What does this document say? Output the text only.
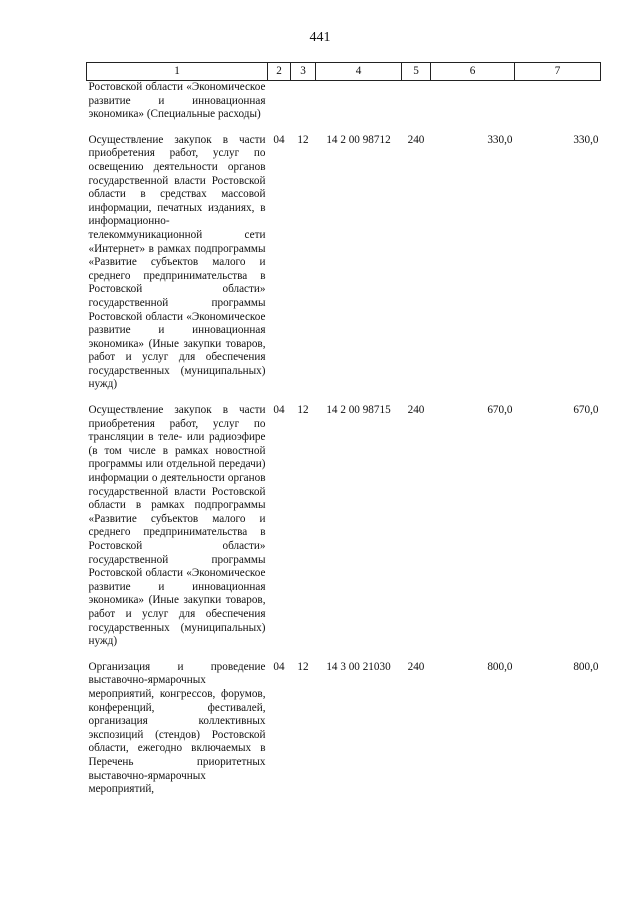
441
1	2	3	4	5	6	7
Ростовской области «Экономическое развитие и инновационная экономика» (Специальные расходы)						
Осуществление закупок в части приобретения работ, услуг по освещению деятельности органов государственной власти Ростовской области в средствах массовой информации, печатных изданиях, в информационно-телекоммуникационной сети «Интернет» в рамках подпрограммы «Развитие субъектов малого и среднего предпринимательства в Ростовской области» государственной программы Ростовской области «Экономическое развитие и инновационная экономика» (Иные закупки товаров, работ и услуг для обеспечения государственных (муниципальных) нужд)	04	12	14 2 00 98712	240	330,0	330,0
Осуществление закупок в части приобретения работ, услуг по трансляции в теле- или радиоэфире (в том числе в рамках новостной программы или отдельной передачи) информации о деятельности органов государственной власти Ростовской области в рамках подпрограммы «Развитие субъектов малого и среднего предпринимательства в Ростовской области» государственной программы Ростовской области «Экономическое развитие и инновационная экономика» (Иные закупки товаров, работ и услуг для обеспечения государственных (муниципальных) нужд)	04	12	14 2 00 98715	240	670,0	670,0
Организация и проведение выставочно-ярмарочных мероприятий, конгрессов, форумов, конференций, фестивалей, организация коллективных экспозиций (стендов) Ростовской области, ежегодно включаемых в Перечень приоритетных выставочно-ярмарочных мероприятий,	04	12	14 3 00 21030	240	800,0	800,0
